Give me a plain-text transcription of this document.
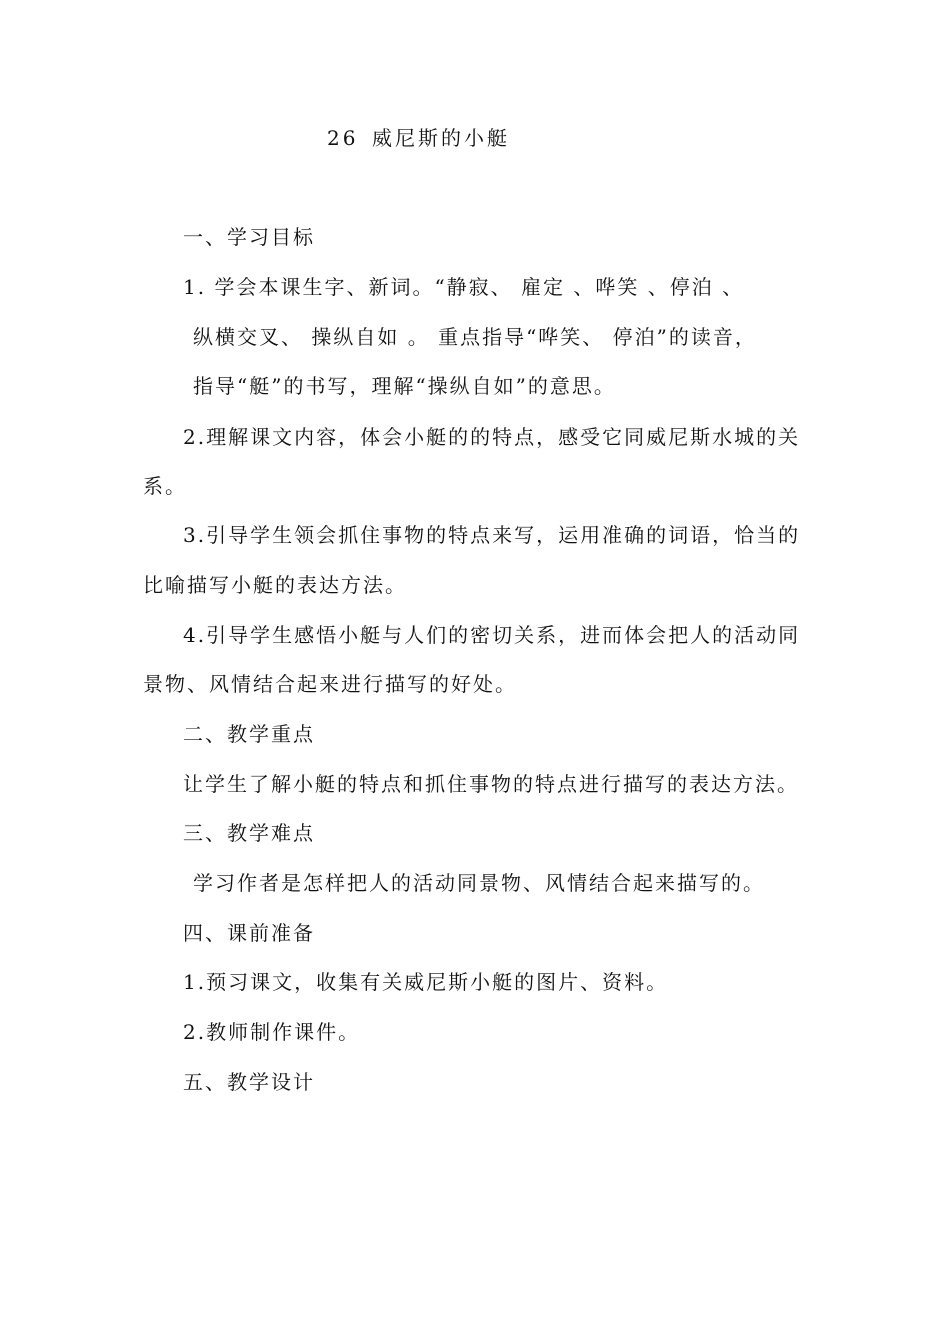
26 威尼斯的小艇
一、学习目标
1. 学会本课生字、新词。“静寂、 雇定 、哗笑 、停泊 、
纵横交叉、 操纵自如 。 重点指导“哗笑、 停泊”的读音，
指导“艇”的书写，理解“操纵自如”的意思。
2.理解课文内容，体会小艇的的特点，感受它同威尼斯水城的关
系。
3.引导学生领会抓住事物的特点来写，运用准确的词语，恰当的
比喻描写小艇的表达方法。
4.引导学生感悟小艇与人们的密切关系，进而体会把人的活动同
景物、风情结合起来进行描写的好处。
二、教学重点
让学生了解小艇的特点和抓住事物的特点进行描写的表达方法。
三、教学难点
学习作者是怎样把人的活动同景物、风情结合起来描写的。
四、课前准备
1.预习课文，收集有关威尼斯小艇的图片、资料。
2.教师制作课件。
五、教学设计
